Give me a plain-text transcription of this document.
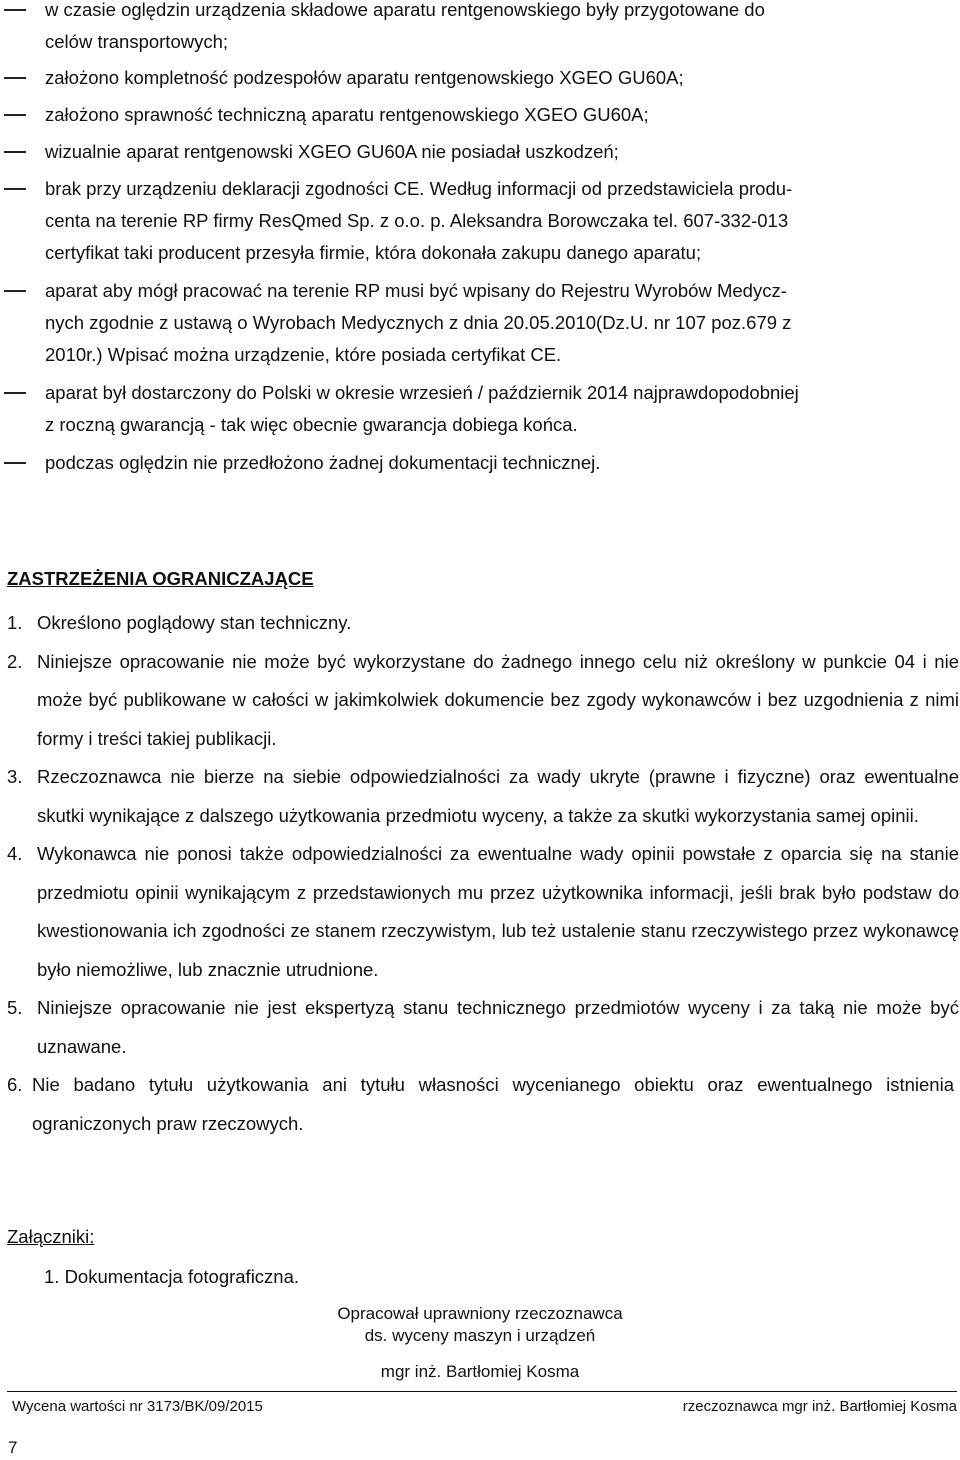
w czasie oględzin urządzenia składowe aparatu rentgenowskiego były przygotowane do
celów transportowych;
założono kompletność podzespołów aparatu rentgenowskiego XGEO GU60A;
założono sprawność techniczną aparatu rentgenowskiego XGEO GU60A;
wizualnie aparat rentgenowski XGEO GU60A nie posiadał uszkodzeń;
brak przy urządzeniu deklaracji zgodności CE. Według informacji od przedstawiciela produ-
centa na terenie RP firmy ResQmed Sp. z o.o. p. Aleksandra Borowczaka tel. 607-332-013
certyfikat taki producent przesyła firmie, która dokonała zakupu danego aparatu;
aparat aby mógł pracować na terenie RP musi być wpisany do Rejestru Wyrobów Medycz-
nych zgodnie z ustawą o Wyrobach Medycznych z dnia 20.05.2010(Dz.U. nr 107 poz.679 z
2010r.) Wpisać można urządzenie, które posiada certyfikat CE.
aparat był dostarczony do Polski w okresie wrzesień / październik 2014 najprawdopodobniej
z roczną gwarancją - tak więc obecnie gwarancja dobiega końca.
podczas oględzin nie przedłożono żadnej dokumentacji technicznej.
ZASTRZEŻENIA OGRANICZAJĄCE
1. Określono poglądowy stan techniczny.
2. Niniejsze opracowanie nie może być wykorzystane do żadnego innego celu niż określony w punkcie 04 i nie może być publikowane w całości w jakimkolwiek dokumencie bez zgody wykonawców i bez uzgodnienia z nimi formy i treści takiej publikacji.
3. Rzeczoznawca nie bierze na siebie odpowiedzialności za wady ukryte (prawne i fizyczne) oraz ewentualne skutki wynikające z dalszego użytkowania przedmiotu wyceny, a także za skutki wykorzystania samej opinii.
4. Wykonawca nie ponosi także odpowiedzialności za ewentualne wady opinii powstałe z oparcia się na stanie przedmiotu opinii wynikającym z przedstawionych mu przez użytkownika informacji, jeśli brak było podstaw do kwestionowania ich zgodności ze stanem rzeczywistym, lub też ustalenie stanu rzeczywistego przez wykonawcę było niemożliwe, lub znacznie utrudnione.
5. Niniejsze opracowanie nie jest ekspertyzą stanu technicznego przedmiotów wyceny i za taką nie może być uznawane.
6. Nie badano tytułu użytkowania ani tytułu własności wycenianego obiektu oraz ewentualnego istnienia ograniczonych praw rzeczowych.
Załączniki:
1. Dokumentacja fotograficzna.
Opracował uprawniony rzeczoznawca
ds. wyceny maszyn i urządzeń
mgr inż. Bartłomiej Kosma
Wycena wartości nr 3173/BK/09/2015	rzeczoznawca mgr inż. Bartłomiej Kosma
7
